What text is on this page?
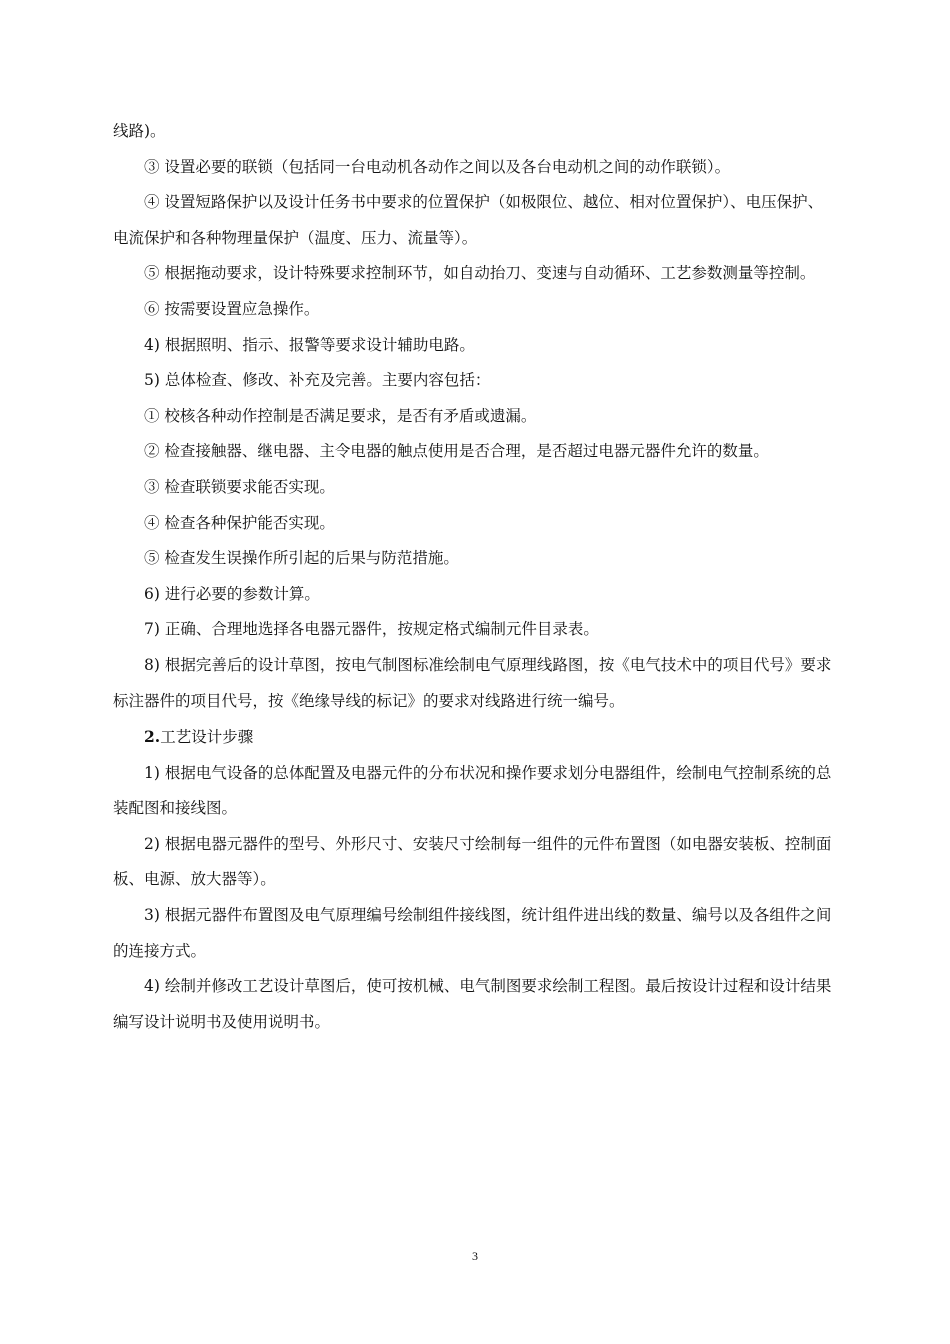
线路)。

③ 设置必要的联锁（包括同一台电动机各动作之间以及各台电动机之间的动作联锁）。

④ 设置短路保护以及设计任务书中要求的位置保护（如极限位、越位、相对位置保护）、电压保护、电流保护和各种物理量保护（温度、压力、流量等）。

⑤ 根据拖动要求，设计特殊要求控制环节，如自动抬刀、变速与自动循环、工艺参数测量等控制。

⑥ 按需要设置应急操作。

4) 根据照明、指示、报警等要求设计辅助电路。

5) 总体检查、修改、补充及完善。主要内容包括：

① 校核各种动作控制是否满足要求，是否有矛盾或遗漏。

② 检查接触器、继电器、主令电器的触点使用是否合理，是否超过电器元器件允许的数量。

③ 检查联锁要求能否实现。

④ 检查各种保护能否实现。

⑤ 检查发生误操作所引起的后果与防范措施。

6) 进行必要的参数计算。

7) 正确、合理地选择各电器元器件，按规定格式编制元件目录表。

8) 根据完善后的设计草图，按电气制图标准绘制电气原理线路图，按《电气技术中的项目代号》要求标注器件的项目代号，按《绝缘导线的标记》的要求对线路进行统一编号。

2.工艺设计步骤

1) 根据电气设备的总体配置及电器元件的分布状况和操作要求划分电器组件，绘制电气控制系统的总装配图和接线图。

2) 根据电器元器件的型号、外形尺寸、安装尺寸绘制每一组件的元件布置图（如电器安装板、控制面板、电源、放大器等）。

3) 根据元器件布置图及电气原理编号绘制组件接线图，统计组件进出线的数量、编号以及各组件之间的连接方式。

4) 绘制并修改工艺设计草图后，使可按机械、电气制图要求绘制工程图。最后按设计过程和设计结果编写设计说明书及使用说明书。

3
